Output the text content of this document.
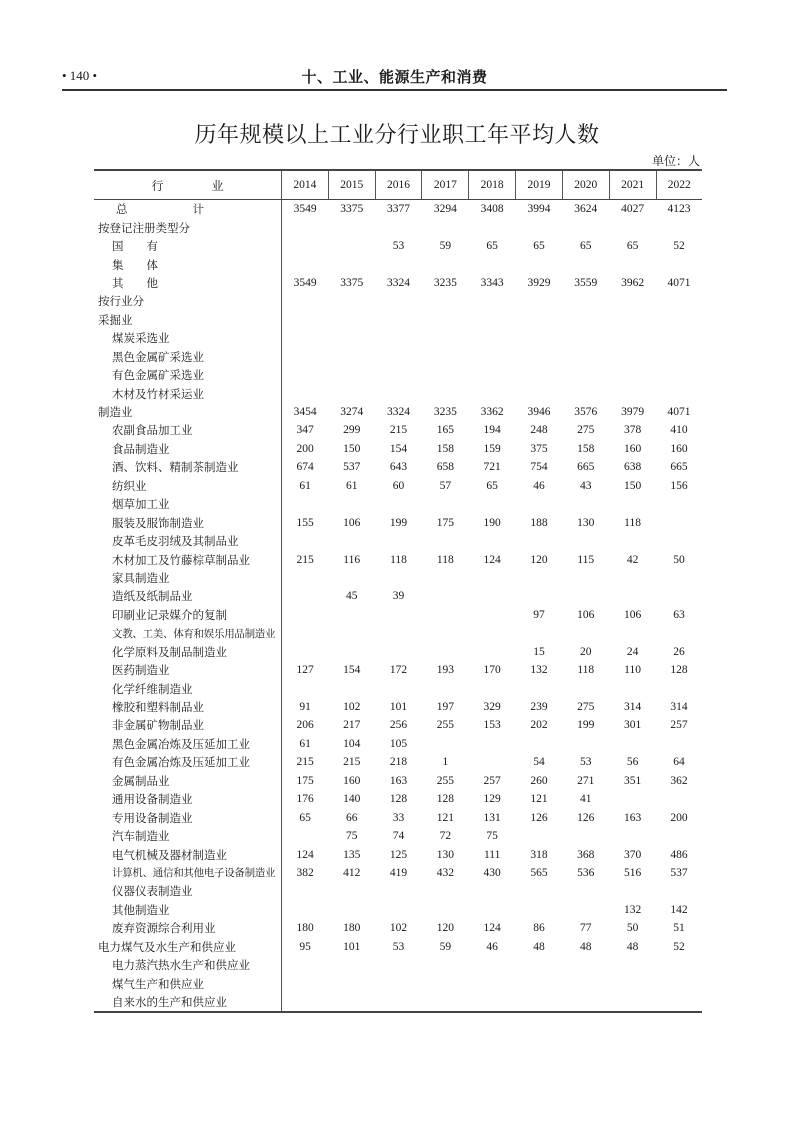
• 140 •	十、工业、能源生产和消费
历年规模以上工业分行业职工年平均人数
单位：人
行　　　　业	2014	2015	2016	2017	2018	2019	2020	2021	2022
总　　计	3549	3375	3377	3294	3408	3994	3624	4027	4123
按登记注册类型分									
国　　有			53	59	65	65	65	65	52
集　　体									
其　　他	3549	3375	3324	3235	3343	3929	3559	3962	4071
按行业分									
采掘业									
煤炭采选业									
黑色金属矿采选业									
有色金属矿采选业									
木材及竹材采运业									
制造业	3454	3274	3324	3235	3362	3946	3576	3979	4071
农副食品加工业	347	299	215	165	194	248	275	378	410
食品制造业	200	150	154	158	159	375	158	160	160
酒、饮料、精制茶制造业	674	537	643	658	721	754	665	638	665
纺织业	61	61	60	57	65	46	43	150	156
烟草加工业									
服装及服饰制造业	155	106	199	175	190	188	130	118	
皮革毛皮羽绒及其制品业									
木材加工及竹藤棕草制品业	215	116	118	118	124	120	115	42	50
家具制造业									
造纸及纸制品业		45	39						
印刷业记录媒介的复制						97	106	106	63
文教、工美、体育和娱乐用品制造业									
化学原料及制品制造业						15	20	24	26
医药制造业	127	154	172	193	170	132	118	110	128
化学纤维制造业									
橡胶和塑料制品业	91	102	101	197	329	239	275	314	314
非金属矿物制品业	206	217	256	255	153	202	199	301	257
黑色金属冶炼及压延加工业	61	104	105						
有色金属冶炼及压延加工业	215	215	218	1		54	53	56	64
金属制品业	175	160	163	255	257	260	271	351	362
通用设备制造业	176	140	128	128	129	121	41		
专用设备制造业	65	66	33	121	131	126	126	163	200
汽车制造业		75	74	72	75				
电气机械及器材制造业	124	135	125	130	111	318	368	370	486
计算机、通信和其他电子设备制造业	382	412	419	432	430	565	536	516	537
仪器仪表制造业									
其他制造业								132	142
废弃资源综合利用业	180	180	102	120	124	86	77	50	51
电力煤气及水生产和供应业	95	101	53	59	46	48	48	48	52
电力蒸汽热水生产和供应业									
煤气生产和供应业									
自来水的生产和供应业									
